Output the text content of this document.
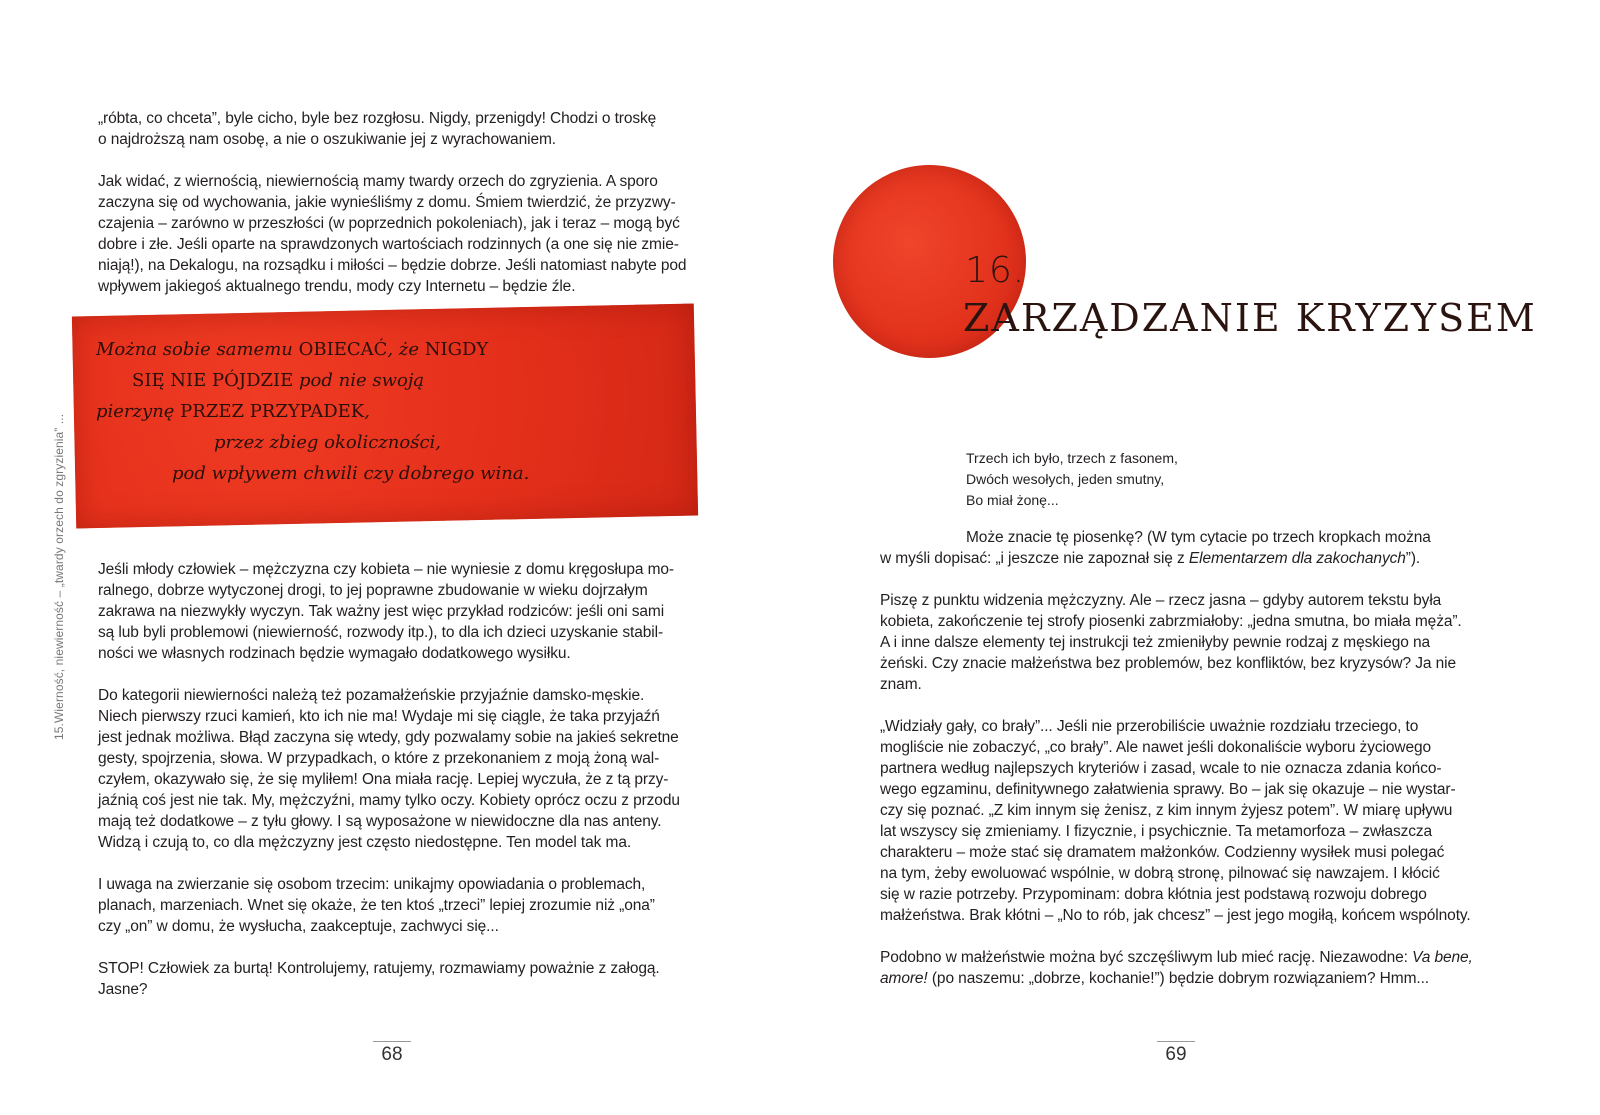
15.Wierność, niewierność – „twardy orzech do zgryzienia” ...

„róbta, co chceta”, byle cicho, byle bez rozgłosu. Nigdy, przenigdy! Chodzi o troskę
o najdroższą nam osobę, a nie o oszukiwanie jej z wyrachowaniem.

Jak widać, z wiernością, niewiernością mamy twardy orzech do zgryzienia. A sporo
zaczyna się od wychowania, jakie wynieśliśmy z domu. Śmiem twierdzić, że przyzwy-
czajenia – zarówno w przeszłości (w poprzednich pokoleniach), jak i teraz – mogą być
dobre i złe. Jeśli oparte na sprawdzonych wartościach rodzinnych (a one się nie zmie-
niają!), na Dekalogu, na rozsądku i miłości – będzie dobrze. Jeśli natomiast nabyte pod
wpływem jakiegoś aktualnego trendu, mody czy Internetu – będzie źle.

Można sobie samemu OBIECAĆ, że NIGDY
SIĘ NIE PÓJDZIE pod nie swoją
pierzynę PRZEZ PRZYPADEK,
przez zbieg okoliczności,
pod wpływem chwili czy dobrego wina.

Jeśli młody człowiek – mężczyzna czy kobieta – nie wyniesie z domu kręgosłupa mo-
ralnego, dobrze wytyczonej drogi, to jej poprawne zbudowanie w wieku dojrzałym
zakrawa na niezwykły wyczyn. Tak ważny jest więc przykład rodziców: jeśli oni sami
są lub byli problemowi (niewierność, rozwody itp.), to dla ich dzieci uzyskanie stabil-
ności we własnych rodzinach będzie wymagało dodatkowego wysiłku.

Do kategorii niewierności należą też pozamałżeńskie przyjaźnie damsko-męskie.
Niech pierwszy rzuci kamień, kto ich nie ma! Wydaje mi się ciągle, że taka przyjaźń
jest jednak możliwa. Błąd zaczyna się wtedy, gdy pozwalamy sobie na jakieś sekretne
gesty, spojrzenia, słowa. W przypadkach, o które z przekonaniem z moją żoną wal-
czyłem, okazywało się, że się myliłem! Ona miała rację. Lepiej wyczuła, że z tą przy-
jaźnią coś jest nie tak. My, mężczyźni, mamy tylko oczy. Kobiety oprócz oczu z przodu
mają też dodatkowe – z tyłu głowy. I są wyposażone w niewidoczne dla nas anteny.
Widzą i czują to, co dla mężczyzny jest często niedostępne. Ten model tak ma.

I uwaga na zwierzanie się osobom trzecim: unikajmy opowiadania o problemach,
planach, marzeniach. Wnet się okaże, że ten ktoś „trzeci” lepiej zrozumie niż „ona”
czy „on” w domu, że wysłucha, zaakceptuje, zachwyci się...

STOP! Człowiek za burtą! Kontrolujemy, ratujemy, rozmawiamy poważnie z załogą.
Jasne?

68
16.
ZARZĄDZANIE KRYZYSEM
Trzech ich było, trzech z fasonem,
Dwóch wesołych, jeden smutny,
Bo miał żonę...

Może znacie tę piosenkę? (W tym cytacie po trzech kropkach można
w myśli dopisać: „i jeszcze nie zapoznał się z Elementarzem dla zakochanych”).

Piszę z punktu widzenia mężczyzny. Ale – rzecz jasna – gdyby autorem tekstu była
kobieta, zakończenie tej strofy piosenki zabrzmiałoby: „jedna smutna, bo miała męża”.
A i inne dalsze elementy tej instrukcji też zmieniłyby pewnie rodzaj z męskiego na
żeński. Czy znacie małżeństwa bez problemów, bez konfliktów, bez kryzysów? Ja nie
znam.

„Widziały gały, co brały”... Jeśli nie przerobiliście uważnie rozdziału trzeciego, to
mogliście nie zobaczyć, „co brały”. Ale nawet jeśli dokonaliście wyboru życiowego
partnera według najlepszych kryteriów i zasad, wcale to nie oznacza zdania końco-
wego egzaminu, definitywnego załatwienia sprawy. Bo – jak się okazuje – nie wystar-
czy się poznać. „Z kim innym się żenisz, z kim innym żyjesz potem”. W miarę upływu
lat wszyscy się zmieniamy. I fizycznie, i psychicznie. Ta metamorfoza – zwłaszcza
charakteru – może stać się dramatem małżonków. Codzienny wysiłek musi polegać
na tym, żeby ewoluować wspólnie, w dobrą stronę, pilnować się nawzajem. I kłócić
się w razie potrzeby. Przypominam: dobra kłótnia jest podstawą rozwoju dobrego
małżeństwa. Brak kłótni – „No to rób, jak chcesz” – jest jego mogiłą, końcem wspólnoty.

Podobno w małżeństwie można być szczęśliwym lub mieć rację. Niezawodne: Va bene,
amore! (po naszemu: „dobrze, kochanie!”) będzie dobrym rozwiązaniem? Hmm...

69
